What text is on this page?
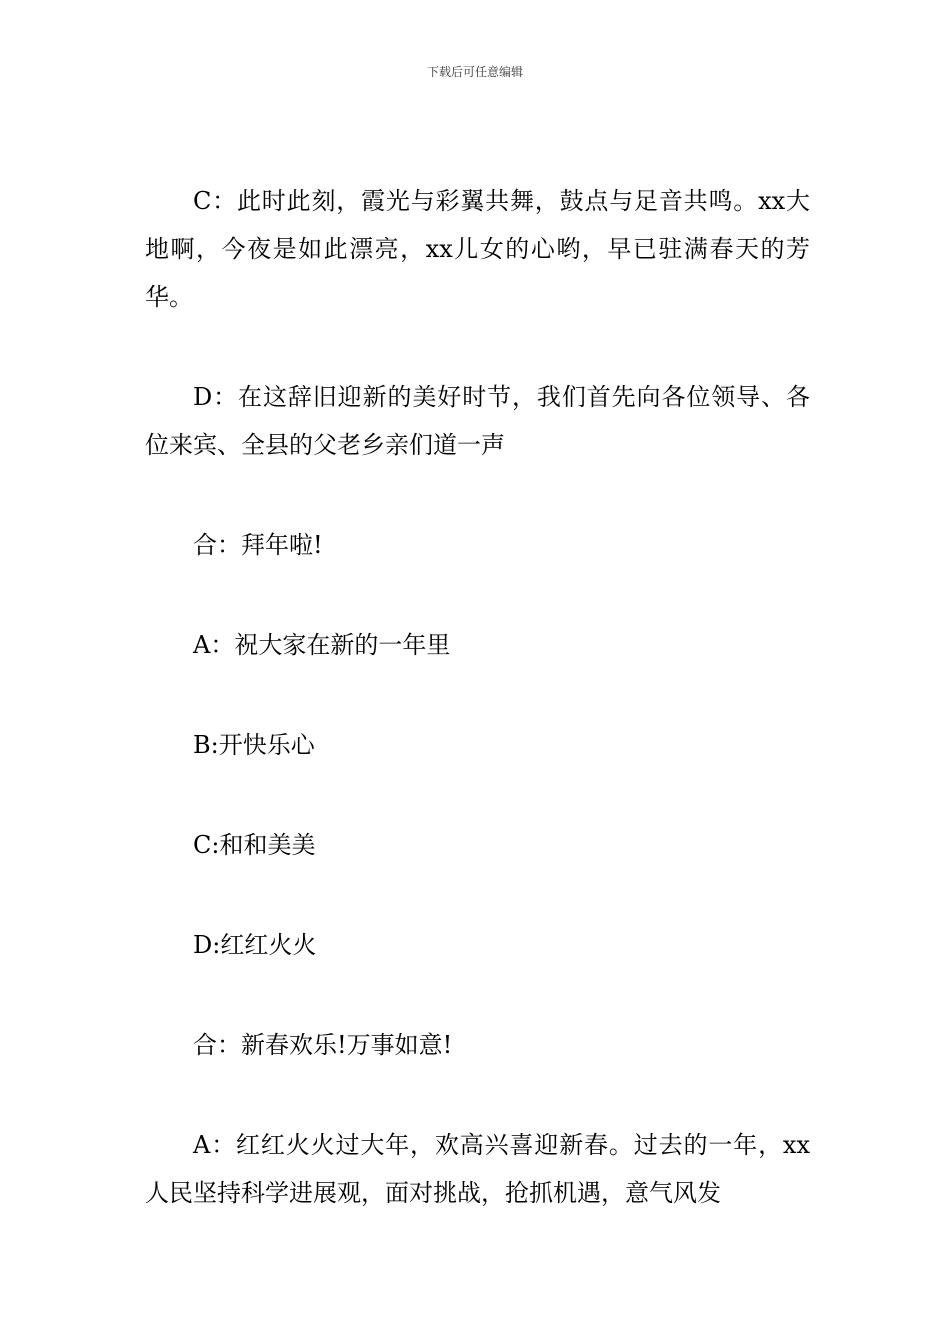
下载后可任意编辑

C：此时此刻，霞光与彩翼共舞，鼓点与足音共鸣。xx大地啊，今夜是如此漂亮，xx儿女的心哟，早已驻满春天的芳华。

D：在这辞旧迎新的美好时节，我们首先向各位领导、各位来宾、全县的父老乡亲们道一声

合：拜年啦!

A：祝大家在新的一年里

B:开快乐心

C:和和美美

D:红红火火

合：新春欢乐!万事如意!

A：红红火火过大年，欢高兴喜迎新春。过去的一年，xx人民坚持科学进展观，面对挑战，抢抓机遇，意气风发
